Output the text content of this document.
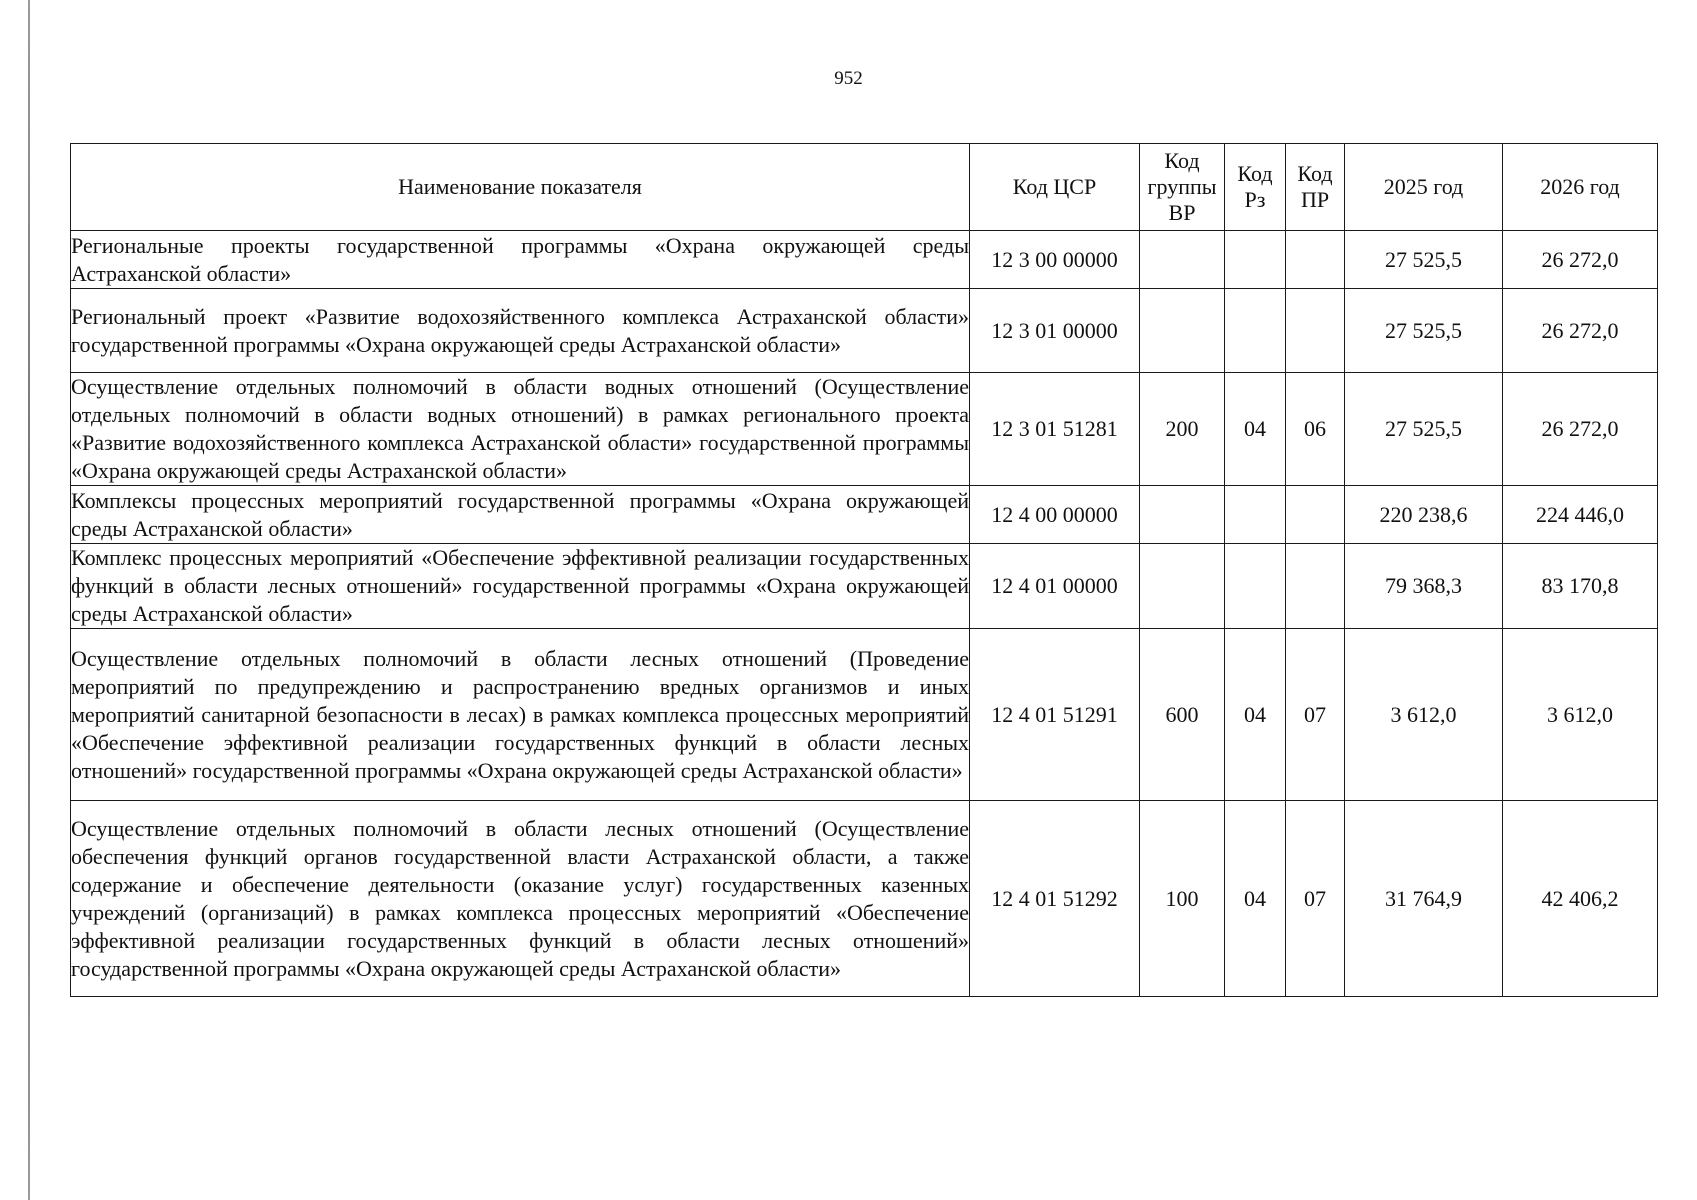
952
Наименование показателя	Код ЦСР	Код группы ВР	Код Рз	Код ПР	2025 год	2026 год
Региональные проекты государственной программы «Охрана окружающей среды Астраханской области»	12 3 00 00000				27 525,5	26 272,0
Региональный проект «Развитие водохозяйственного комплекса Астраханской области» государственной программы «Охрана окружающей среды Астраханской области»	12 3 01 00000				27 525,5	26 272,0
Осуществление отдельных полномочий в области водных отношений (Осуществление отдельных полномочий в области водных отношений) в рамках регионального проекта «Развитие водохозяйственного комплекса Астраханской области» государственной программы «Охрана окружающей среды Астраханской области»	12 3 01 51281	200	04	06	27 525,5	26 272,0
Комплексы процессных мероприятий государственной программы «Охрана окружающей среды Астраханской области»	12 4 00 00000				220 238,6	224 446,0
Комплекс процессных мероприятий «Обеспечение эффективной реализации государственных функций в области лесных отношений» государственной программы «Охрана окружающей среды Астраханской области»	12 4 01 00000				79 368,3	83 170,8
Осуществление отдельных полномочий в области лесных отношений (Проведение мероприятий по предупреждению и распространению вредных организмов и иных мероприятий санитарной безопасности в лесах) в рамках комплекса процессных мероприятий «Обеспечение эффективной реализации государственных функций в области лесных отношений» государственной программы «Охрана окружающей среды Астраханской области»	12 4 01 51291	600	04	07	3 612,0	3 612,0
Осуществление отдельных полномочий в области лесных отношений (Осуществление обеспечения функций органов государственной власти Астраханской области, а также содержание и обеспечение деятельности (оказание услуг) государственных казенных учреждений (организаций) в рамках комплекса процессных мероприятий «Обеспечение эффективной реализации государственных функций в области лесных отношений» государственной программы «Охрана окружающей среды Астраханской области»	12 4 01 51292	100	04	07	31 764,9	42 406,2
